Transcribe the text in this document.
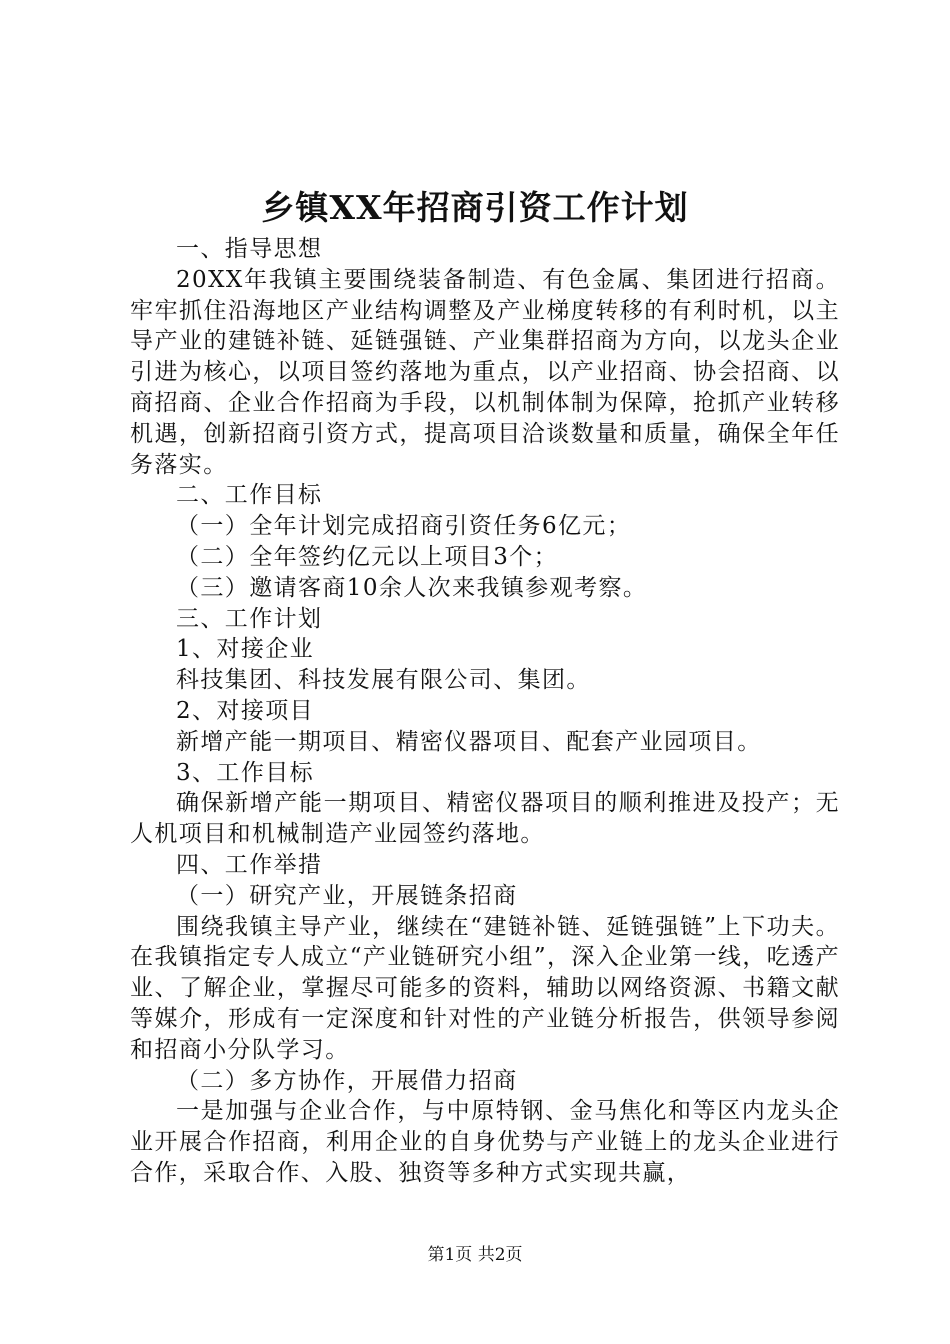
乡镇XX年招商引资工作计划

一、指导思想

20XX年我镇主要围绕装备制造、有色金属、集团进行招商。牢牢抓住沿海地区产业结构调整及产业梯度转移的有利时机，以主导产业的建链补链、延链强链、产业集群招商为方向，以龙头企业引进为核心，以项目签约落地为重点，以产业招商、协会招商、以商招商、企业合作招商为手段，以机制体制为保障，抢抓产业转移机遇，创新招商引资方式，提高项目洽谈数量和质量，确保全年任务落实。

二、工作目标

（一）全年计划完成招商引资任务6亿元；

（二）全年签约亿元以上项目3个；

（三）邀请客商10余人次来我镇参观考察。

三、工作计划

1、对接企业

科技集团、科技发展有限公司、集团。

2、对接项目

新增产能一期项目、精密仪器项目、配套产业园项目。

3、工作目标

确保新增产能一期项目、精密仪器项目的顺利推进及投产；无人机项目和机械制造产业园签约落地。

四、工作举措

（一）研究产业，开展链条招商

围绕我镇主导产业，继续在“建链补链、延链强链”上下功夫。在我镇指定专人成立“产业链研究小组”，深入企业第一线，吃透产业、了解企业，掌握尽可能多的资料，辅助以网络资源、书籍文献等媒介，形成有一定深度和针对性的产业链分析报告，供领导参阅和招商小分队学习。

（二）多方协作，开展借力招商

一是加强与企业合作，与中原特钢、金马焦化和等区内龙头企业开展合作招商，利用企业的自身优势与产业链上的龙头企业进行合作，采取合作、入股、独资等多种方式实现共赢，

第1页 共2页
